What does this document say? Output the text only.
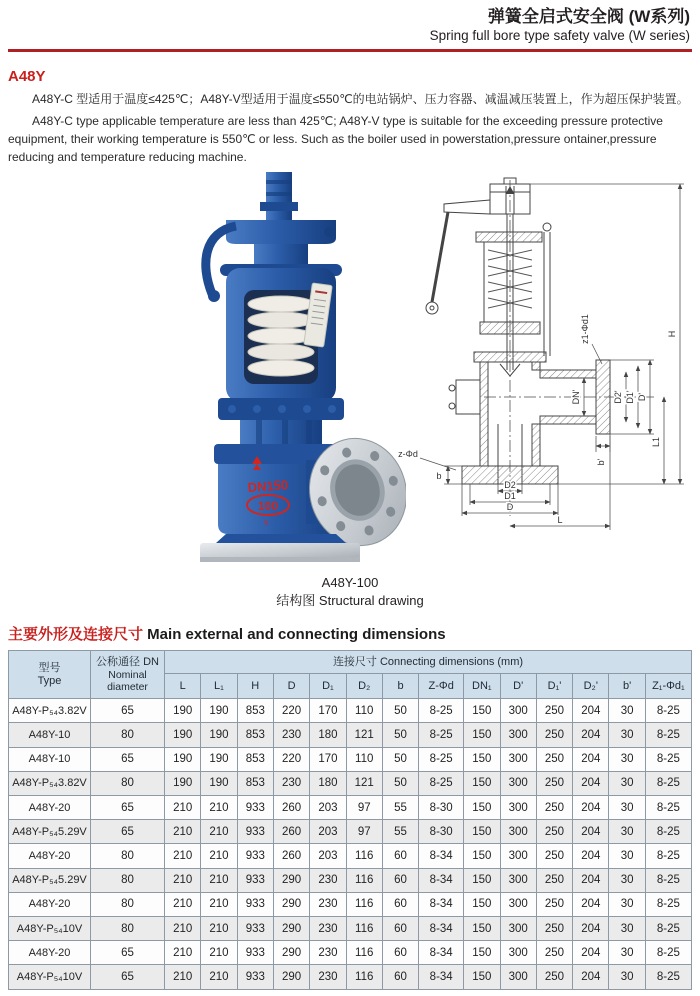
弹簧全启式安全阀 (W系列)
Spring full bore type safety valve (W series)
A48Y

A48Y-C 型适用于温度≤425℃；A48Y-V型适用于温度≤550℃的电站锅炉、压力容器、减温减压装置上，作为超压保护装置。

A48Y-C type applicable temperature are less than 425℃; A48Y-V type is suitable for the exceeding pressure protective equipment, their working temperature is 550℃ or less. Such as the boiler used in powerstation,pressure ontainer,pressure reducing and temperature reducing machine.

DN150
100
v
H
L1
D'
D1'
D2'
DN'
z1-Φd1
b'
D2
D1
D
L
b
z-Φd
A48Y-100
结构图 Structural drawing
主要外形及连接尺寸 Main external and connecting dimensions
型号
Type

公称通径 DN
Nominal
diameter
	连接尺寸 Connecting dimensions (mm)
		L	L₁	H	D	D₁	D₂	b	Z-Φd	DN₁	D'	D₁'	D₂'	b'	Z₁-Φd₁
A48Y-P₅₄3.82V	65	190	190	853	220	170	110	50	8-25	150	300	250	204	30	8-25
A48Y-10	80	190	190	853	230	180	121	50	8-25	150	300	250	204	30	8-25
A48Y-10	65	190	190	853	220	170	110	50	8-25	150	300	250	204	30	8-25
A48Y-P₅₄3.82V	80	190	190	853	230	180	121	50	8-25	150	300	250	204	30	8-25
A48Y-20	65	210	210	933	260	203	97	55	8-30	150	300	250	204	30	8-25
A48Y-P₅₄5.29V	65	210	210	933	260	203	97	55	8-30	150	300	250	204	30	8-25
A48Y-20	80	210	210	933	260	203	116	60	8-34	150	300	250	204	30	8-25
A48Y-P₅₄5.29V	80	210	210	933	290	230	116	60	8-34	150	300	250	204	30	8-25
A48Y-20	80	210	210	933	290	230	116	60	8-34	150	300	250	204	30	8-25
A48Y-P₅₄10V	80	210	210	933	290	230	116	60	8-34	150	300	250	204	30	8-25
A48Y-20	65	210	210	933	290	230	116	60	8-34	150	300	250	204	30	8-25
A48Y-P₅₄10V	65	210	210	933	290	230	116	60	8-34	150	300	250	204	30	8-25
